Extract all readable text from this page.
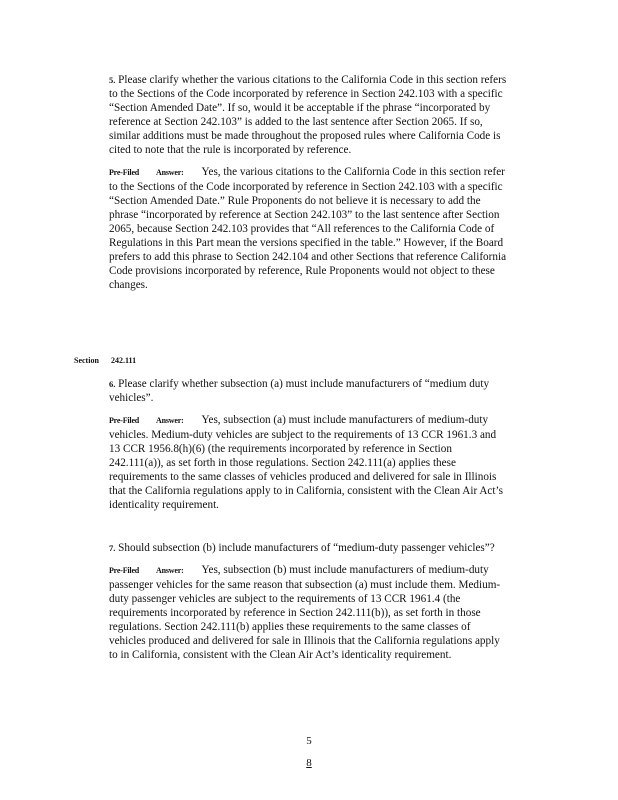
5. Please clarify whether the various citations to the California Code in this section refers to the Sections of the Code incorporated by reference in Section 242.103 with a specific “Section Amended Date”. If so, would it be acceptable if the phrase “incorporated by reference at Section 242.103” is added to the last sentence after Section 2065. If so, similar additions must be made throughout the proposed rules where California Code is cited to note that the rule is incorporated by reference.

Pre-Filed Answer: Yes, the various citations to the California Code in this section refer to the Sections of the Code incorporated by reference in Section 242.103 with a specific “Section Amended Date.” Rule Proponents do not believe it is necessary to add the phrase “incorporated by reference at Section 242.103” to the last sentence after Section 2065, because Section 242.103 provides that “All references to the California Code of Regulations in this Part mean the versions specified in the table.” However, if the Board prefers to add this phrase to Section 242.104 and other Sections that reference California Code provisions incorporated by reference, Rule Proponents would not object to these changes.

Section 242.111

6. Please clarify whether subsection (a) must include manufacturers of “medium duty vehicles”.

Pre-Filed Answer: Yes, subsection (a) must include manufacturers of medium-duty vehicles. Medium-duty vehicles are subject to the requirements of 13 CCR 1961.3 and 13 CCR 1956.8(h)(6) (the requirements incorporated by reference in Section 242.111(a)), as set forth in those regulations. Section 242.111(a) applies these requirements to the same classes of vehicles produced and delivered for sale in Illinois that the California regulations apply to in California, consistent with the Clean Air Act’s identicality requirement.

7. Should subsection (b) include manufacturers of “medium-duty passenger vehicles”?

Pre-Filed Answer: Yes, subsection (b) must include manufacturers of medium-duty passenger vehicles for the same reason that subsection (a) must include them. Medium-duty passenger vehicles are subject to the requirements of 13 CCR 1961.4 (the requirements incorporated by reference in Section 242.111(b)), as set forth in those regulations. Section 242.111(b) applies these requirements to the same classes of vehicles produced and delivered for sale in Illinois that the California regulations apply to in California, consistent with the Clean Air Act’s identicality requirement.

5
8
